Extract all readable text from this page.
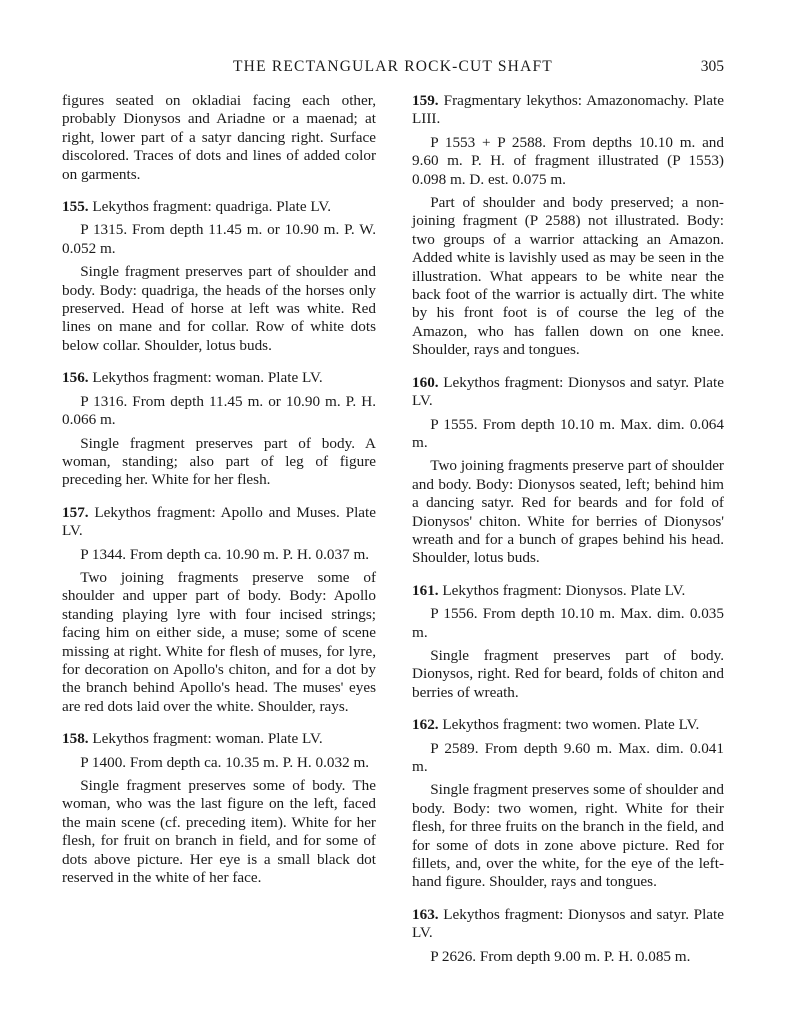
THE RECTANGULAR ROCK-CUT SHAFT	305

figures seated on okladiai facing each other, probably Dionysos and Ariadne or a maenad; at right, lower part of a satyr dancing right. Surface discolored. Traces of dots and lines of added color on garments.

155. Lekythos fragment: quadriga. Plate LV.

P 1315. From depth 11.45 m. or 10.90 m. P. W. 0.052 m.

Single fragment preserves part of shoulder and body. Body: quadriga, the heads of the horses only preserved. Head of horse at left was white. Red lines on mane and for collar. Row of white dots below collar. Shoulder, lotus buds.

156. Lekythos fragment: woman. Plate LV.

P 1316. From depth 11.45 m. or 10.90 m. P. H. 0.066 m.

Single fragment preserves part of body. A woman, standing; also part of leg of figure preceding her. White for her flesh.

157. Lekythos fragment: Apollo and Muses. Plate LV.

P 1344. From depth ca. 10.90 m. P. H. 0.037 m.

Two joining fragments preserve some of shoulder and upper part of body. Body: Apollo standing playing lyre with four incised strings; facing him on either side, a muse; some of scene missing at right. White for flesh of muses, for lyre, for decoration on Apollo's chiton, and for a dot by the branch behind Apollo's head. The muses' eyes are red dots laid over the white. Shoulder, rays.

158. Lekythos fragment: woman. Plate LV.

P 1400. From depth ca. 10.35 m. P. H. 0.032 m.

Single fragment preserves some of body. The woman, who was the last figure on the left, faced the main scene (cf. preceding item). White for her flesh, for fruit on branch in field, and for some of dots above picture. Her eye is a small black dot reserved in the white of her face.

159. Fragmentary lekythos: Amazonomachy. Plate LIII.

P 1553 + P 2588. From depths 10.10 m. and 9.60 m. P. H. of fragment illustrated (P 1553) 0.098 m. D. est. 0.075 m.

Part of shoulder and body preserved; a non-joining fragment (P 2588) not illustrated. Body: two groups of a warrior attacking an Amazon. Added white is lavishly used as may be seen in the illustration. What appears to be white near the back foot of the warrior is actually dirt. The white by his front foot is of course the leg of the Amazon, who has fallen down on one knee. Shoulder, rays and tongues.

160. Lekythos fragment: Dionysos and satyr. Plate LV.

P 1555. From depth 10.10 m. Max. dim. 0.064 m.

Two joining fragments preserve part of shoulder and body. Body: Dionysos seated, left; behind him a dancing satyr. Red for beards and for fold of Dionysos' chiton. White for berries of Dionysos' wreath and for a bunch of grapes behind his head. Shoulder, lotus buds.

161. Lekythos fragment: Dionysos. Plate LV.

P 1556. From depth 10.10 m. Max. dim. 0.035 m.

Single fragment preserves part of body. Dionysos, right. Red for beard, folds of chiton and berries of wreath.

162. Lekythos fragment: two women. Plate LV.

P 2589. From depth 9.60 m. Max. dim. 0.041 m.

Single fragment preserves some of shoulder and body. Body: two women, right. White for their flesh, for three fruits on the branch in the field, and for some of dots in zone above picture. Red for fillets, and, over the white, for the eye of the left-hand figure. Shoulder, rays and tongues.

163. Lekythos fragment: Dionysos and satyr. Plate LV.

P 2626. From depth 9.00 m. P. H. 0.085 m.
